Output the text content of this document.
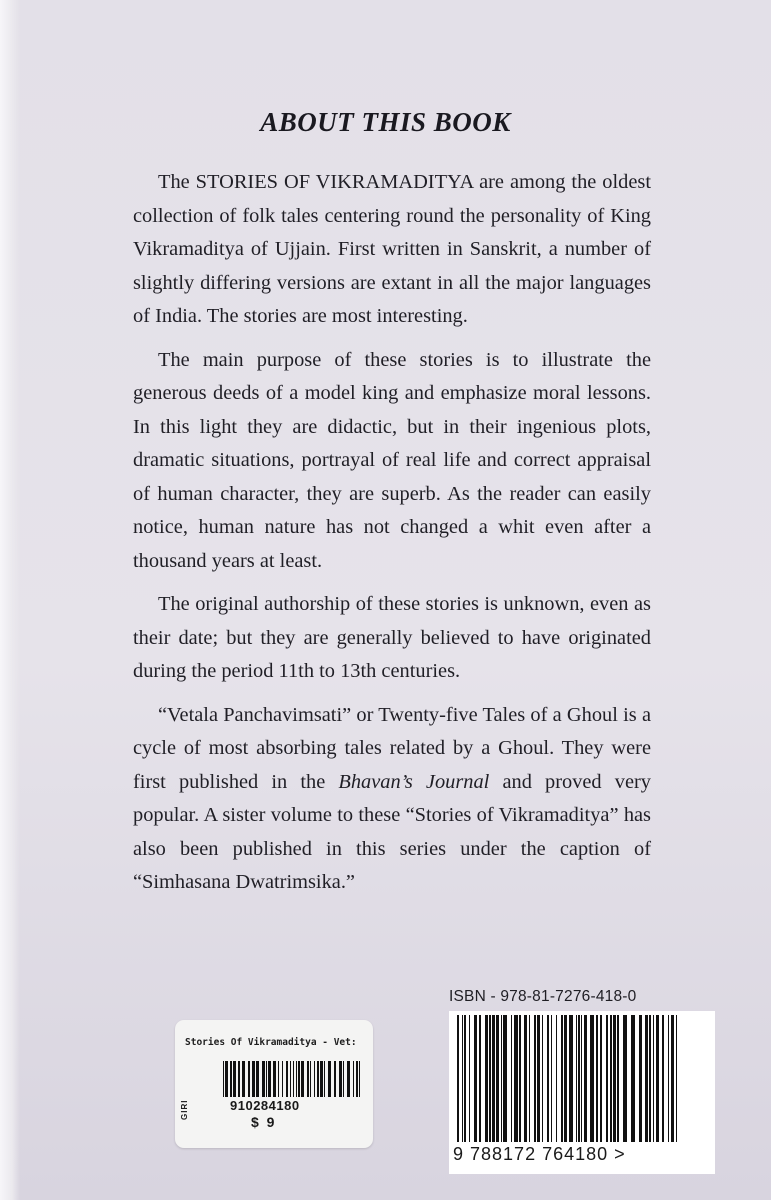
ABOUT THIS BOOK

The STORIES OF VIKRAMADITYA are among the oldest collection of folk tales centering round the personality of King Vikramaditya of Ujjain. First written in Sanskrit, a number of slightly differing versions are extant in all the major languages of India. The stories are most interesting.

The main purpose of these stories is to illustrate the generous deeds of a model king and emphasize moral lessons. In this light they are didactic, but in their ingenious plots, dramatic situations, portrayal of real life and correct appraisal of human character, they are superb. As the reader can easily notice, human nature has not changed a whit even after a thousand years at least.

The original authorship of these stories is unknown, even as their date; but they are generally believed to have originated during the period 11th to 13th centuries.

“Vetala Panchavimsati” or Twenty-five Tales of a Ghoul is a cycle of most absorbing tales related by a Ghoul. They were first published in the Bhavan’s Journal and proved very popular. A sister volume to these “Stories of Vikramaditya” has also been published in this series under the caption of “Simhasana Dwatrimsika.”

ISBN - 978-81-7276-418-0
9 788172 764180 >
Stories Of Vikramaditya - Vet:
910284180
$  9
GIRI
